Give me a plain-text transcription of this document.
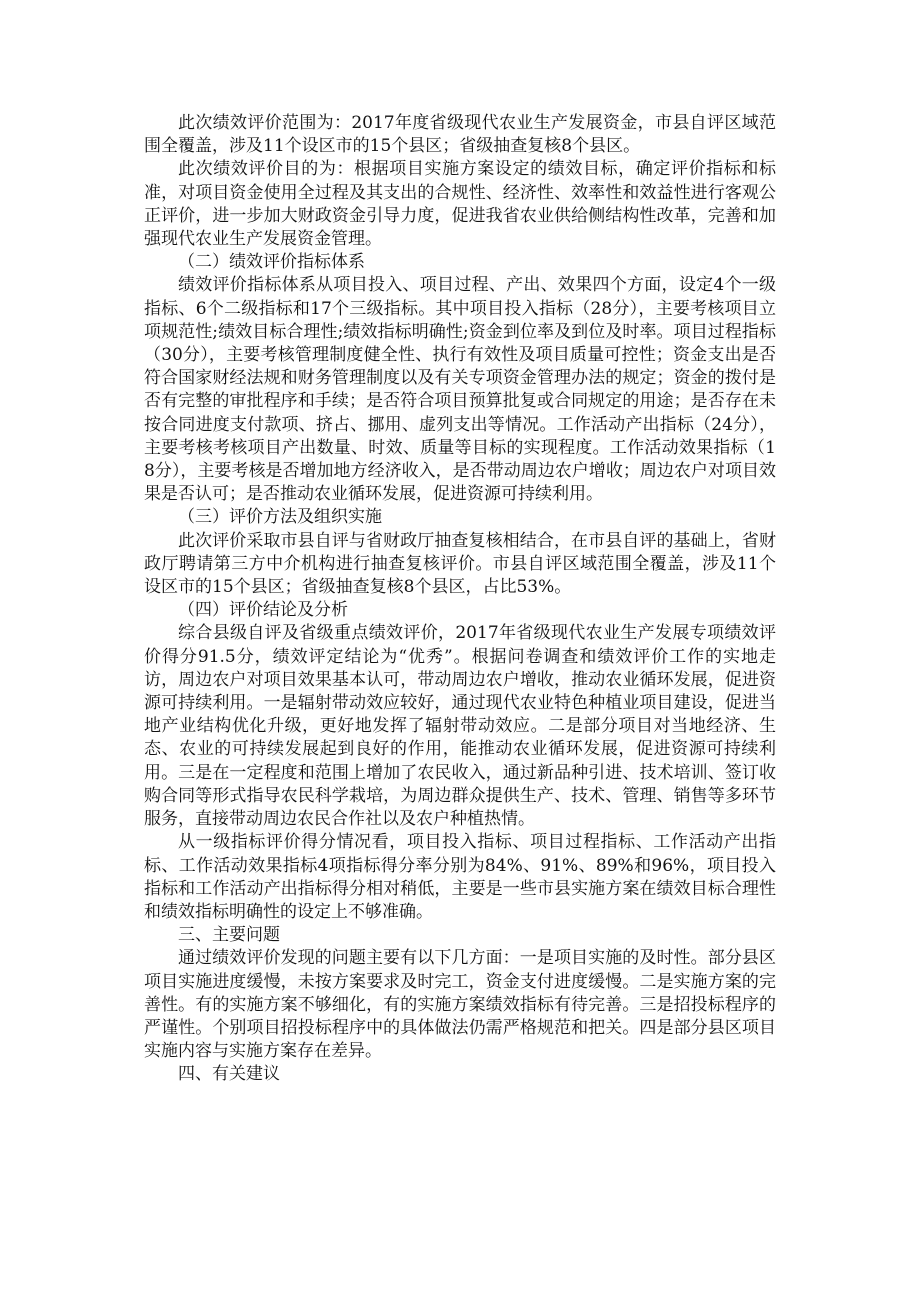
此次绩效评价范围为：2017年度省级现代农业生产发展资金，市县自评区域范围全覆盖，涉及11个设区市的15个县区；省级抽查复核8个县区。

此次绩效评价目的为：根据项目实施方案设定的绩效目标，确定评价指标和标准，对项目资金使用全过程及其支出的合规性、经济性、效率性和效益性进行客观公正评价，进一步加大财政资金引导力度，促进我省农业供给侧结构性改革，完善和加强现代农业生产发展资金管理。

（二）绩效评价指标体系

绩效评价指标体系从项目投入、项目过程、产出、效果四个方面，设定4个一级指标、6个二级指标和17个三级指标。其中项目投入指标（28分），主要考核项目立项规范性;绩效目标合理性;绩效指标明确性;资金到位率及到位及时率。项目过程指标（30分），主要考核管理制度健全性、执行有效性及项目质量可控性；资金支出是否符合国家财经法规和财务管理制度以及有关专项资金管理办法的规定；资金的拨付是否有完整的审批程序和手续；是否符合项目预算批复或合同规定的用途；是否存在未按合同进度支付款项、挤占、挪用、虚列支出等情况。工作活动产出指标（24分），主要考核考核项目产出数量、时效、质量等目标的实现程度。工作活动效果指标（18分），主要考核是否增加地方经济收入，是否带动周边农户增收；周边农户对项目效果是否认可；是否推动农业循环发展，促进资源可持续利用。

（三）评价方法及组织实施

此次评价采取市县自评与省财政厅抽查复核相结合，在市县自评的基础上，省财政厅聘请第三方中介机构进行抽查复核评价。市县自评区域范围全覆盖，涉及11个设区市的15个县区；省级抽查复核8个县区，占比53%。

（四）评价结论及分析

综合县级自评及省级重点绩效评价，2017年省级现代农业生产发展专项绩效评价得分91.5分，绩效评定结论为“优秀”。根据问卷调查和绩效评价工作的实地走访，周边农户对项目效果基本认可，带动周边农户增收，推动农业循环发展，促进资源可持续利用。一是辐射带动效应较好，通过现代农业特色种植业项目建设，促进当地产业结构优化升级，更好地发挥了辐射带动效应。二是部分项目对当地经济、生态、农业的可持续发展起到良好的作用，能推动农业循环发展，促进资源可持续利用。三是在一定程度和范围上增加了农民收入，通过新品种引进、技术培训、签订收购合同等形式指导农民科学栽培，为周边群众提供生产、技术、管理、销售等多环节服务，直接带动周边农民合作社以及农户种植热情。

从一级指标评价得分情况看，项目投入指标、项目过程指标、工作活动产出指标、工作活动效果指标4项指标得分率分别为84%、91%、89%和96%，项目投入指标和工作活动产出指标得分相对稍低，主要是一些市县实施方案在绩效目标合理性和绩效指标明确性的设定上不够准确。

三、主要问题

通过绩效评价发现的问题主要有以下几方面：一是项目实施的及时性。部分县区项目实施进度缓慢，未按方案要求及时完工，资金支付进度缓慢。二是实施方案的完善性。有的实施方案不够细化，有的实施方案绩效指标有待完善。三是招投标程序的严谨性。个别项目招投标程序中的具体做法仍需严格规范和把关。四是部分县区项目实施内容与实施方案存在差异。

四、有关建议
